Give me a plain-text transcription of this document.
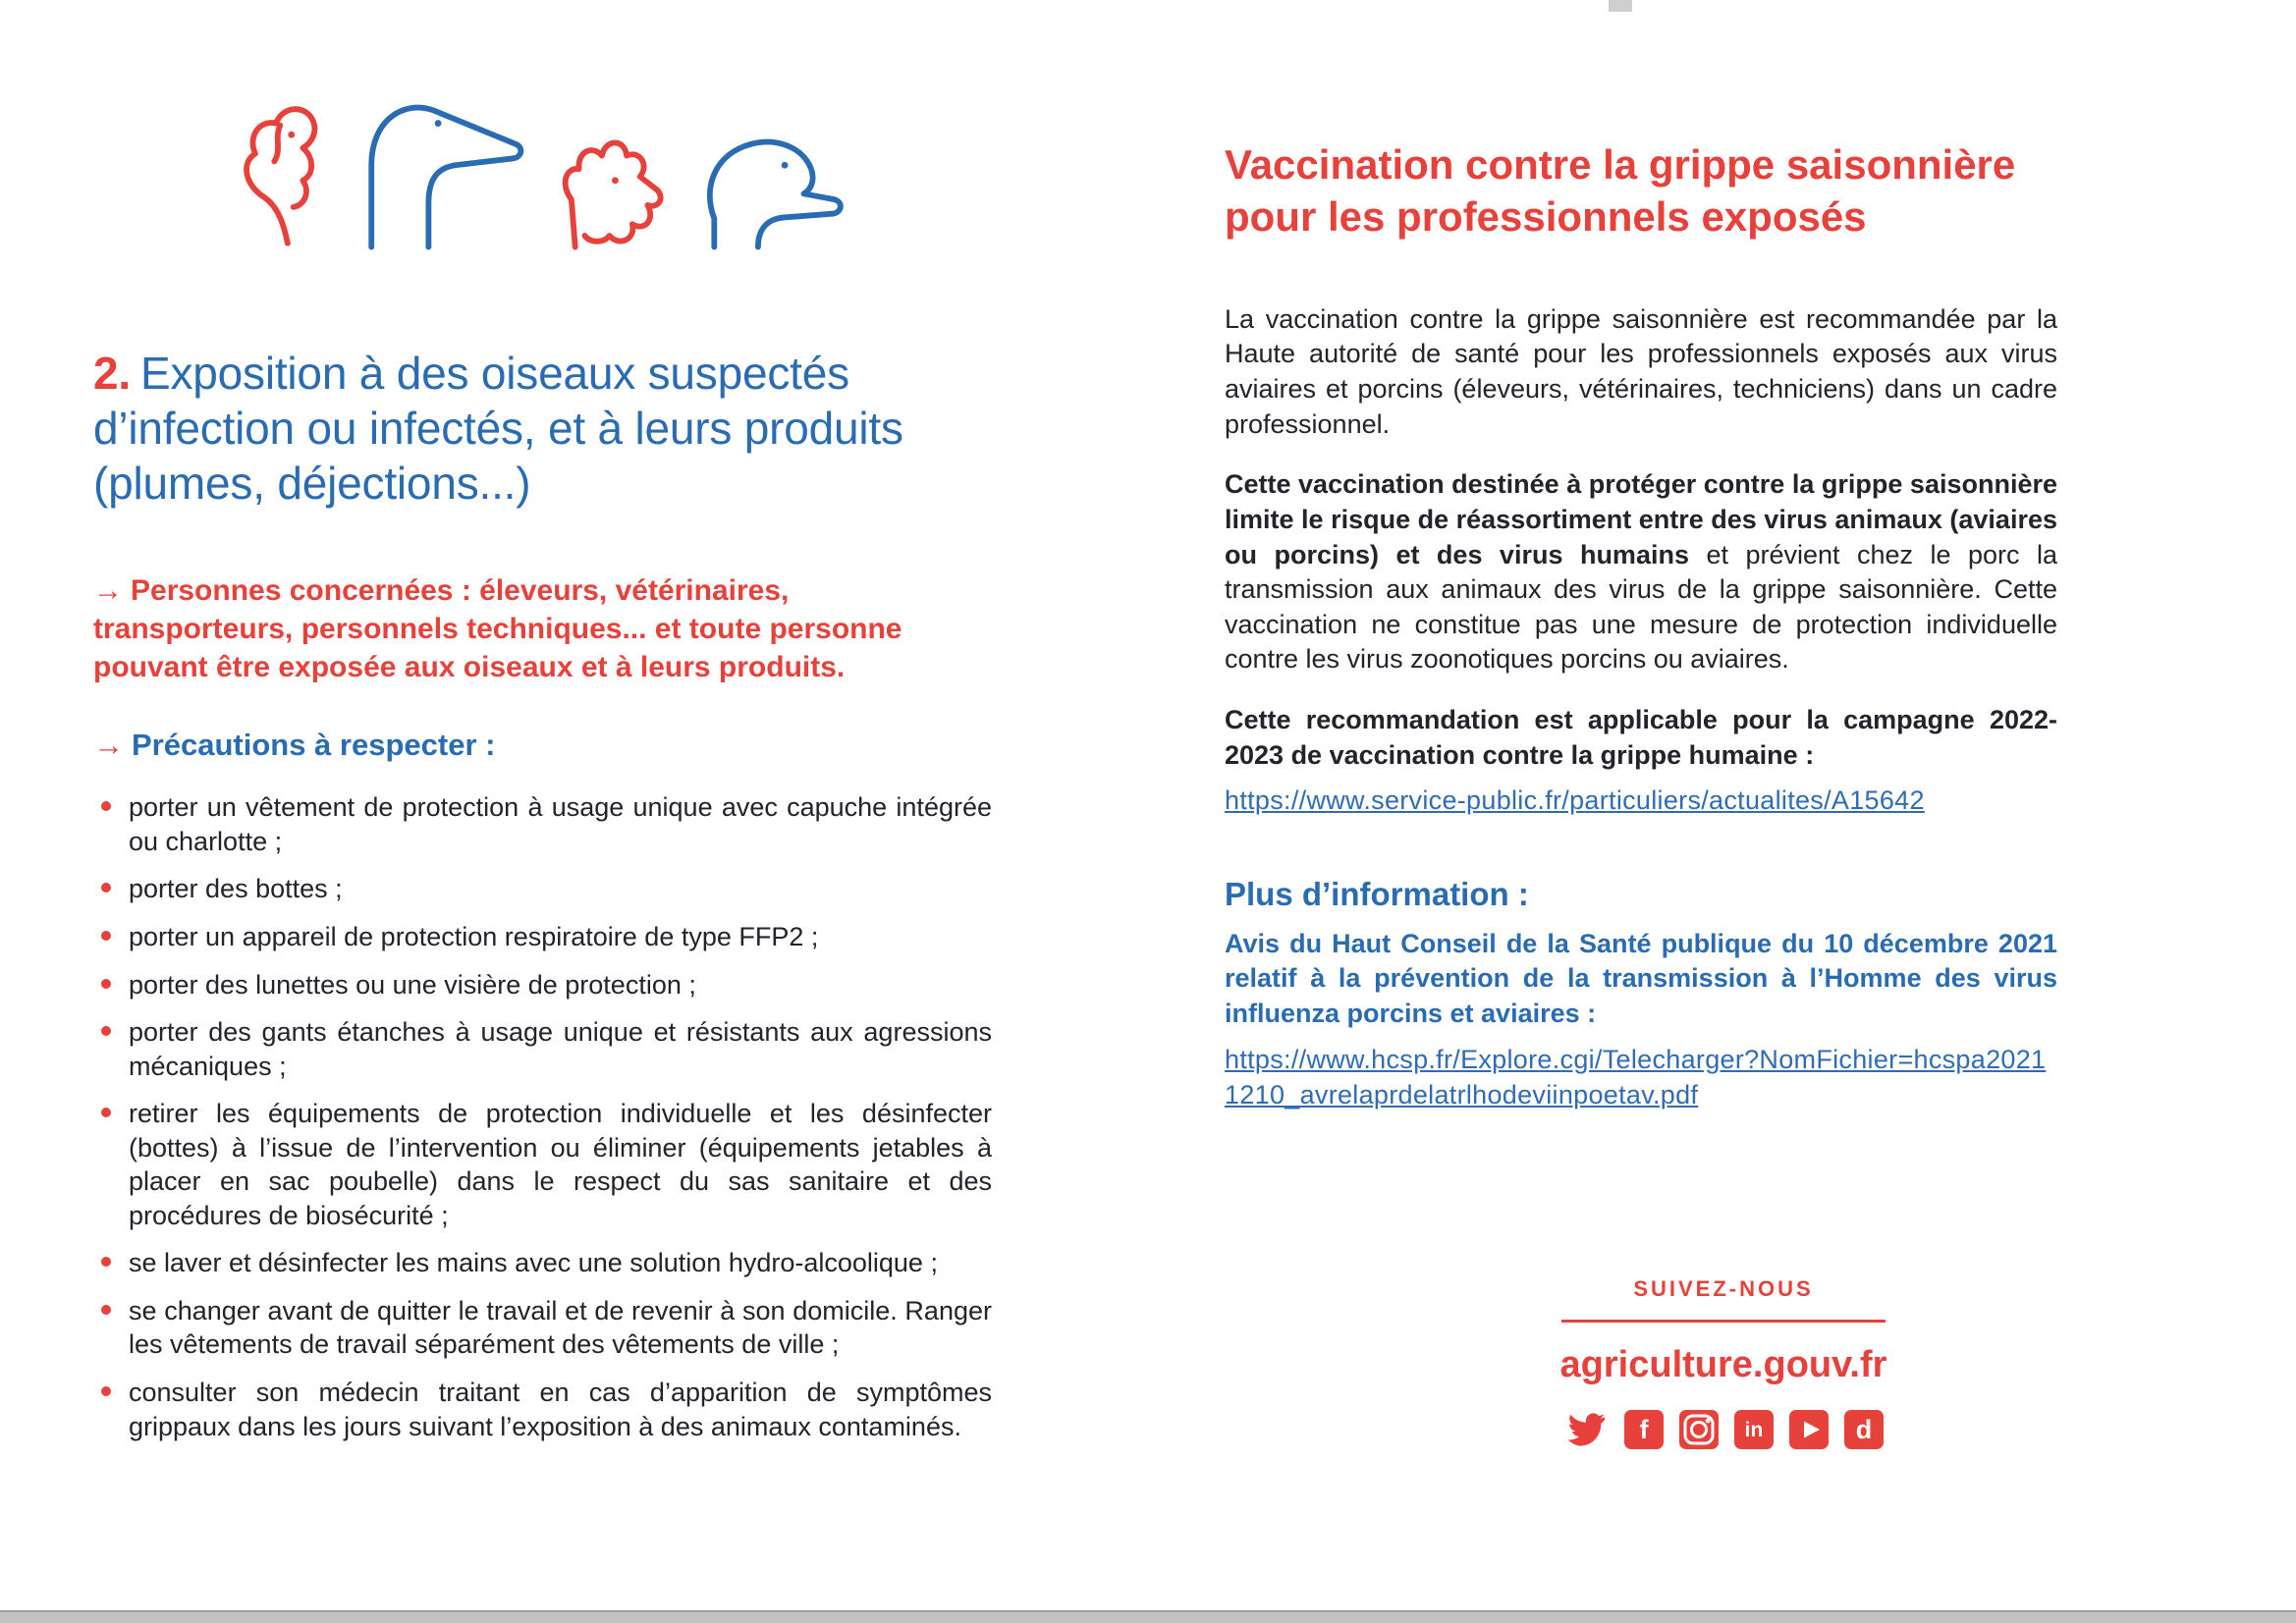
2. Exposition à des oiseaux suspectés d’infection ou infectés, et à leurs produits (plumes, déjections...)

→ Personnes concernées : éleveurs, vétérinaires, transporteurs, personnels techniques... et toute personne pouvant être exposée aux oiseaux et à leurs produits.

→ Précautions à respecter :

porter un vêtement de protection à usage unique avec capuche intégrée ou charlotte ;
porter des bottes ;
porter un appareil de protection respiratoire de type FFP2 ;
porter des lunettes ou une visière de protection ;
porter des gants étanches à usage unique et résistants aux agressions mécaniques ;
retirer les équipements de protection individuelle et les désinfecter (bottes) à l’issue de l’intervention ou éliminer (équipements jetables à placer en sac poubelle) dans le respect du sas sanitaire et des procédures de biosécurité ;
se laver et désinfecter les mains avec une solution hydro-alcoolique ;
se changer avant de quitter le travail et de revenir à son domicile. Ranger les vêtements de travail séparément des vêtements de ville ;
consulter son médecin traitant en cas d’apparition de symptômes grippaux dans les jours suivant l’exposition à des animaux contaminés.
Vaccination contre la grippe saisonnière pour les professionnels exposés

La vaccination contre la grippe saisonnière est recommandée par la Haute autorité de santé pour les professionnels exposés aux virus aviaires et porcins (éleveurs, vétérinaires, techniciens) dans un cadre professionnel.

Cette vaccination destinée à protéger contre la grippe saisonnière limite le risque de réassortiment entre des virus animaux (aviaires ou porcins) et des virus humains et prévient chez le porc la transmission aux animaux des virus de la grippe saisonnière. Cette vaccination ne constitue pas une mesure de protection individuelle contre les virus zoonotiques porcins ou aviaires.

Cette recommandation est applicable pour la campagne 2022-2023 de vaccination contre la grippe humaine :

https://www.service-public.fr/particuliers/actualites/A15642

Plus d’information :

Avis du Haut Conseil de la Santé publique du 10 décembre 2021 relatif à la prévention de la transmission à l’Homme des virus influenza porcins et aviaires :

https://www.hcsp.fr/Explore.cgi/Telecharger?NomFichier=hcspa20211210_avrelaprdelatrlhodeviinpoetav.pdf

SUIVEZ-NOUS
agriculture.gouv.fr
f	in	d
